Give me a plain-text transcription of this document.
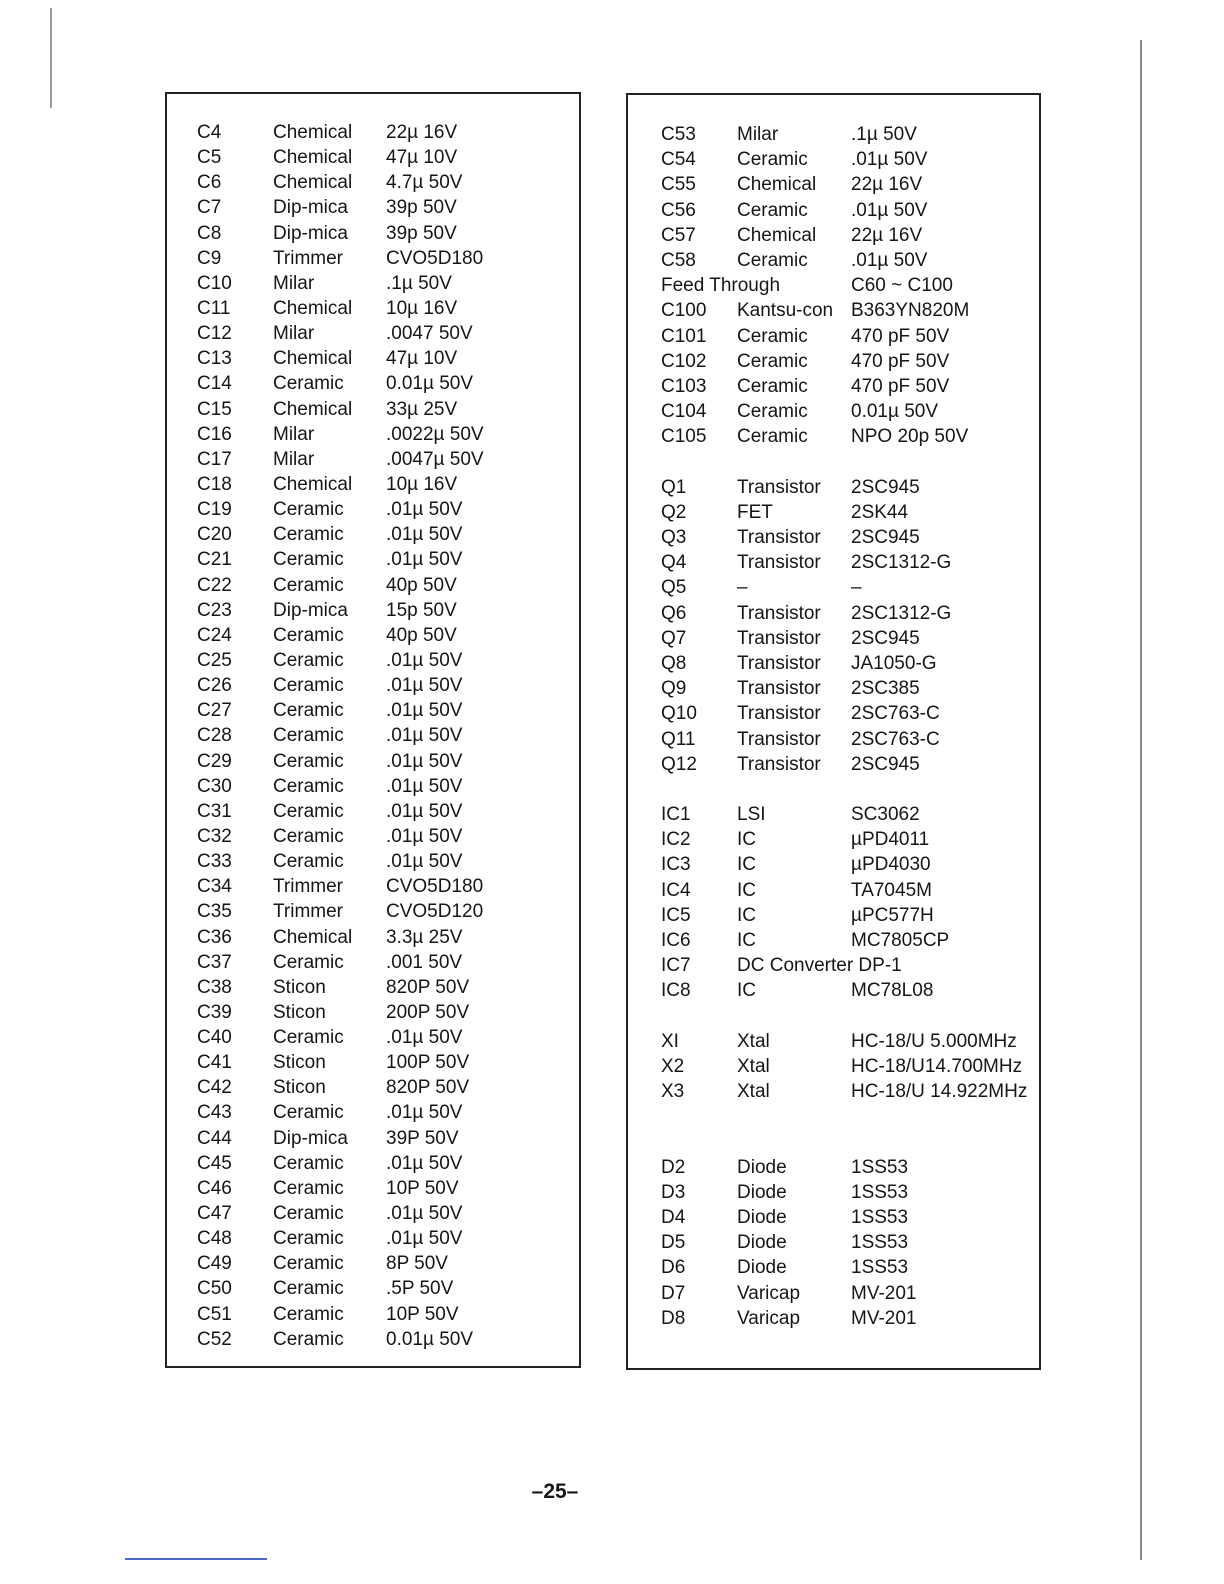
C4	Chemical 22µ 16V
C5	Chemical 47µ 10V
C6	Chemical 4.7µ 50V
C7	Dip-mica 39p 50V
C8	Dip-mica 39p 50V
C9	Trimmer CVO5D180
C10 Milar	.1µ 50V
C11 Chemical 10µ 16V
C12 Milar	.0047 50V
C13 Chemical 47µ 10V
C14 Ceramic 0.01µ 50V
C15 Chemical 33µ 25V
C16 Milar	.0022µ 50V
C17 Milar	.0047µ 50V
C18 Chemical 10µ 16V
C19 Ceramic .01µ 50V
C20 Ceramic .01µ 50V
C21 Ceramic .01µ 50V
C22 Ceramic 40p 50V
C23 Dip-mica 15p 50V
C24 Ceramic 40p 50V
C25 Ceramic .01µ 50V
C26 Ceramic .01µ 50V
C27 Ceramic .01µ 50V
C28 Ceramic .01µ 50V
C29 Ceramic .01µ 50V
C30 Ceramic .01µ 50V
C31 Ceramic .01µ 50V
C32 Ceramic .01µ 50V
C33 Ceramic .01µ 50V
C34 Trimmer CVO5D180
C35 Trimmer CVO5D120
C36 Chemical 3.3µ 25V
C37 Ceramic .001 50V
C38 Sticon	820P 50V
C39 Sticon	200P 50V
C40 Ceramic .01µ 50V
C41 Sticon	100P 50V
C42 Sticon	820P 50V
C43 Ceramic .01µ 50V
C44 Dip-mica 39P 50V
C45 Ceramic .01µ 50V
C46 Ceramic 10P 50V
C47 Ceramic .01µ 50V
C48 Ceramic .01µ 50V
C49 Ceramic 8P 50V
C50 Ceramic .5P 50V
C51 Ceramic 10P 50V
C52 Ceramic 0.01µ 50V
C53 Milar	.1µ 50V
C54 Ceramic .01µ 50V
C55 Chemical 22µ 16V
C56 Ceramic .01µ 50V
C57 Chemical 22µ 16V
C58 Ceramic .01µ 50V
Feed Through	C60 ~ C100
C100 Kantsu-con B363YN820M
C101 Ceramic 470 pF 50V
C102 Ceramic 470 pF 50V
C103 Ceramic 470 pF 50V
C104 Ceramic 0.01µ 50V
C105 Ceramic NPO 20p 50V
Q1	Transistor 2SC945
Q2	FET	2SK44
Q3	Transistor 2SC945
Q4	Transistor 2SC1312-G
Q5	–	–
Q6	Transistor 2SC1312-G
Q7	Transistor 2SC945
Q8	Transistor JA1050-G
Q9	Transistor 2SC385
Q10 Transistor 2SC763-C
Q11 Transistor 2SC763-C
Q12 Transistor 2SC945
IC1 LSI	SC3062
IC2 IC	µPD4011
IC3 IC	µPD4030
IC4 IC	TA7045M
IC5 IC	µPC577H
IC6 IC	MC7805CP
IC7 DC Converter DP-1
IC8 IC	MC78L08
XI	Xtal	HC-18/U 5.000MHz
X2	Xtal	HC-18/U14.700MHz
X3	Xtal	HC-18/U 14.922MHz
D2	Diode	1SS53
D3	Diode	1SS53
D4	Diode	1SS53
D5	Diode	1SS53
D6	Diode	1SS53
D7	Varicap	MV-201
D8	Varicap	MV-201
–25–
